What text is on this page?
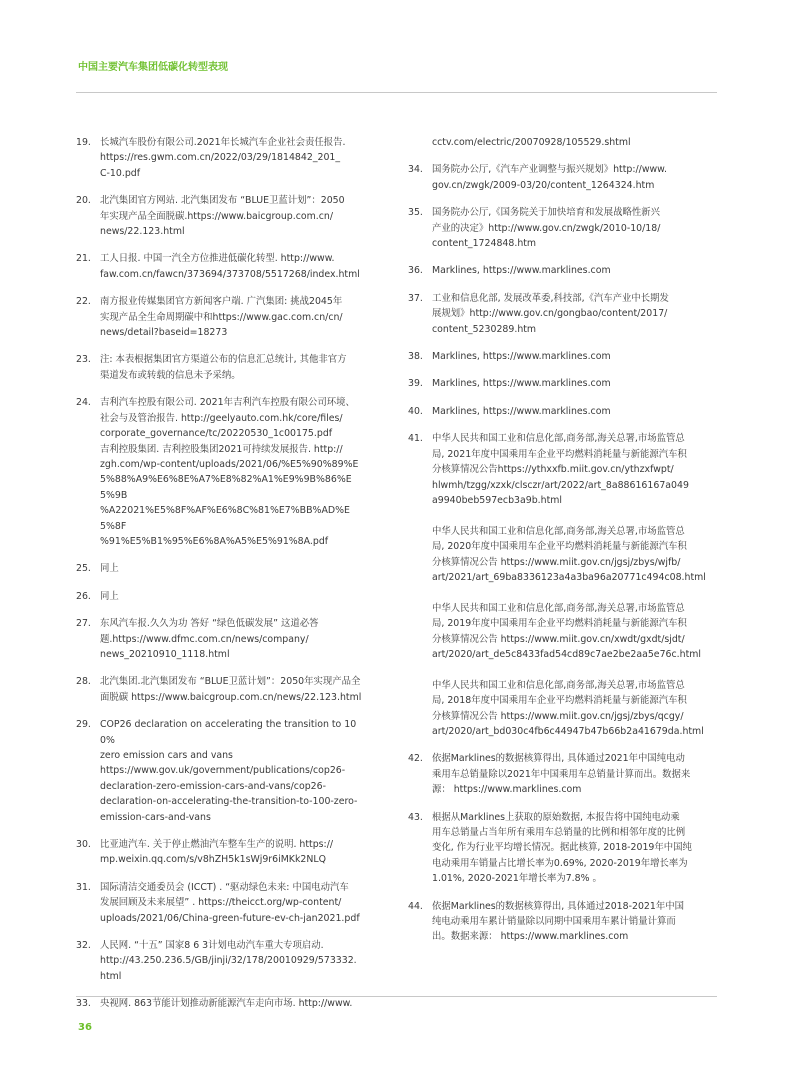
中国主要汽车集团低碳化转型表现
19. 长城汽车股份有限公司.2021年长城汽车企业社会责任报告.
https://res.gwm.com.cn/2022/03/29/1814842_201_
C-10.pdf
20. 北汽集团官方网站. 北汽集团发布 “BLUE卫蓝计划”：2050
年实现产品全面脱碳.https://www.baicgroup.com.cn/
news/22.123.html
21. 工人日报. 中国一汽全方位推进低碳化转型. http://www.
faw.com.cn/fawcn/373694/373708/5517268/index.html
22. 南方报业传媒集团官方新闻客户端. 广汽集团: 挑战2045年
实现产品全生命周期碳中和https://www.gac.com.cn/cn/
news/detail?baseid=18273
23. 注: 本表根据集团官方渠道公布的信息汇总统计, 其他非官方
渠道发布或转载的信息未予采纳。
24. 吉利汽车控股有限公司. 2021年吉利汽车控股有限公司环境、
社会与及管治报告. http://geelyauto.com.hk/core/files/
corporate_governance/tc/20220530_1c00175.pdf
吉利控股集团. 吉利控股集团2021可持续发展报告. http://
zgh.com/wp-content/uploads/2021/06/%E5%90%89%E
5%88%A9%E6%8E%A7%E8%82%A1%E9%9B%86%E5%9B
%A22021%E5%8F%AF%E6%8C%81%E7%BB%AD%E5%8F
%91%E5%B1%95%E6%8A%A5%E5%91%8A.pdf
25. 同上
26. 同上
27. 东风汽车报.久久为功 答好 “绿色低碳发展” 这道必答
题.https://www.dfmc.com.cn/news/company/
news_20210910_1118.html
28. 北汽集团.北汽集团发布 “BLUE卫蓝计划”：2050年实现产品全
面脱碳 https://www.baicgroup.com.cn/news/22.123.html
29. COP26 declaration on accelerating the transition to 100%
zero emission cars and vans
https://www.gov.uk/government/publications/cop26-
declaration-zero-emission-cars-and-vans/cop26-
declaration-on-accelerating-the-transition-to-100-zero-
emission-cars-and-vans
30. 比亚迪汽车. 关于停止燃油汽车整车生产的说明. https://
mp.weixin.qq.com/s/v8hZH5k1sWj9r6iMKk2NLQ
31. 国际清洁交通委员会 (ICCT) . “驱动绿色未来: 中国电动汽车
发展回顾及未来展望” . https://theicct.org/wp-content/
uploads/2021/06/China-green-future-ev-ch-jan2021.pdf
32. 人民网. “十五” 国家8 6 3计划电动汽车重大专项启动.
http://43.250.236.5/GB/jinji/32/178/20010929/573332.html
33. 央视网. 863节能计划推动新能源汽车走向市场. http://www.
cctv.com/electric/20070928/105529.shtml
34. 国务院办公厅,《汽车产业调整与振兴规划》http://www.
gov.cn/zwgk/2009-03/20/content_1264324.htm
35. 国务院办公厅,《国务院关于加快培育和发展战略性新兴
产业的决定》http://www.gov.cn/zwgk/2010-10/18/
content_1724848.htm
36. Marklines, https://www.marklines.com
37. 工业和信息化部, 发展改革委,科技部,《汽车产业中长期发
展规划》http://www.gov.cn/gongbao/content/2017/
content_5230289.htm
38. Marklines, https://www.marklines.com
39. Marklines, https://www.marklines.com
40. Marklines, https://www.marklines.com
41. 中华人民共和国工业和信息化部,商务部,海关总署,市场监管总
局, 2021年度中国乘用车企业平均燃料消耗量与新能源汽车积
分核算情况公告https://ythxxfb.miit.gov.cn/ythzxfwpt/
hlwmh/tzgg/xzxk/clsczr/art/2022/art_8a88616167a049
a9940beb597ecb3a9b.html

中华人民共和国工业和信息化部,商务部,海关总署,市场监管总
局, 2020年度中国乘用车企业平均燃料消耗量与新能源汽车积
分核算情况公告 https://www.miit.gov.cn/jgsj/zbys/wjfb/
art/2021/art_69ba8336123a4a3ba96a20771c494c08.html

中华人民共和国工业和信息化部,商务部,海关总署,市场监管总
局, 2019年度中国乘用车企业平均燃料消耗量与新能源汽车积
分核算情况公告 https://www.miit.gov.cn/xwdt/gxdt/sjdt/
art/2020/art_de5c8433fad54cd89c7ae2be2aa5e76c.html

中华人民共和国工业和信息化部,商务部,海关总署,市场监管总
局, 2018年度中国乘用车企业平均燃料消耗量与新能源汽车积
分核算情况公告 https://www.miit.gov.cn/jgsj/zbys/qcgy/
art/2020/art_bd030c4fb6c44947b47b66b2a41679da.html
42. 依据Marklines的数据核算得出, 具体通过2021年中国纯电动
乘用车总销量除以2021年中国乘用车总销量计算而出。数据来
源： https://www.marklines.com
43. 根据从Marklines上获取的原始数据, 本报告将中国纯电动乘
用车总销量占当年所有乘用车总销量的比例和相邻年度的比例
变化, 作为行业平均增长情况。据此核算, 2018-2019年中国纯
电动乘用车销量占比增长率为0.69%, 2020-2019年增长率为
1.01%, 2020-2021年增长率为7.8% 。
44. 依据Marklines的数据核算得出, 具体通过2018-2021年中国
纯电动乘用车累计销量除以同期中国乘用车累计销量计算而
出。数据来源： https://www.marklines.com
36
